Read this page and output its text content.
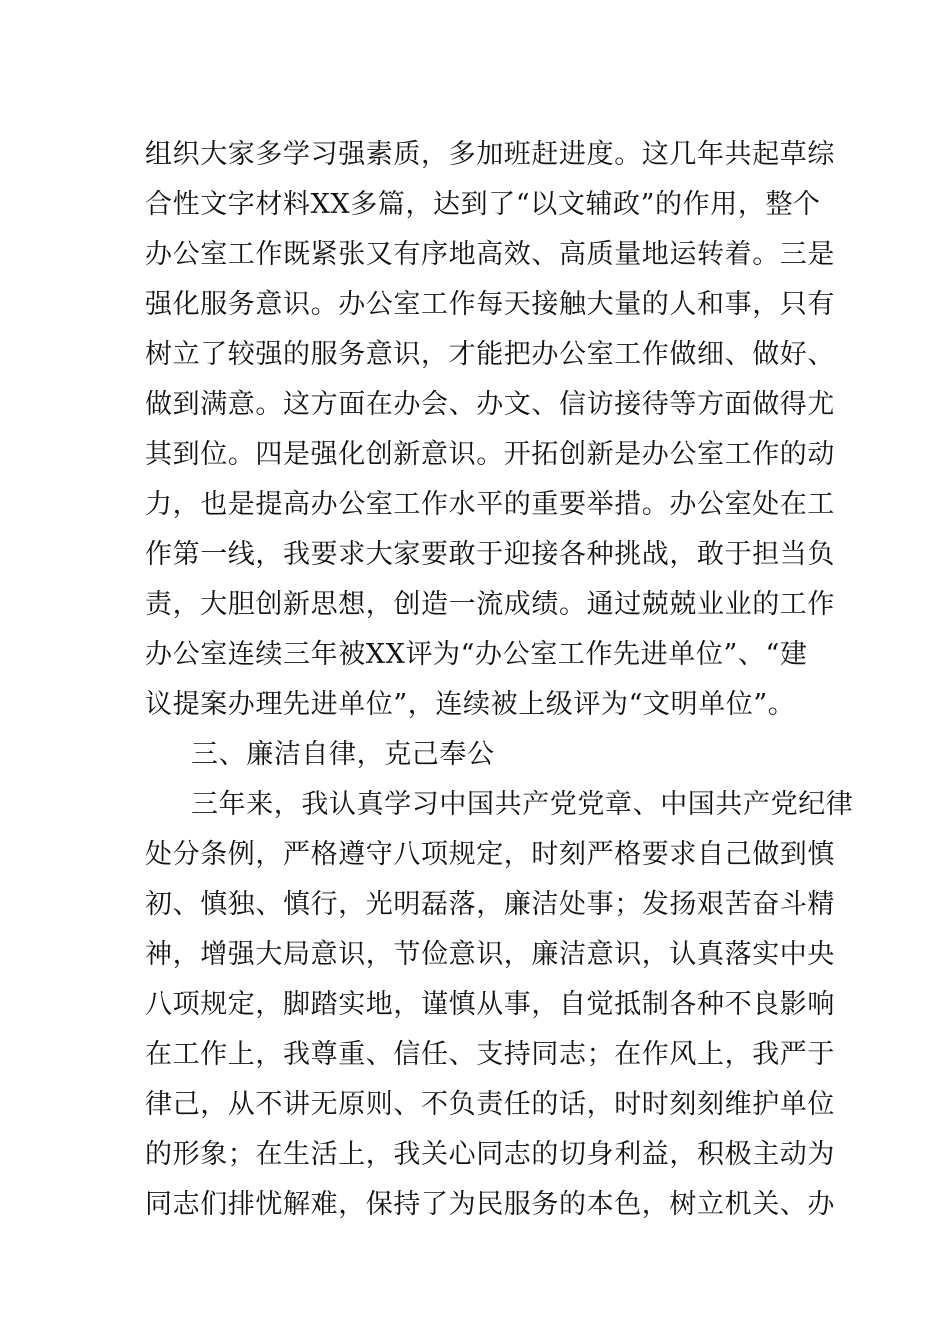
组织大家多学习强素质，多加班赶进度。这几年共起草综
合性文字材料XX多篇，达到了“以文辅政”的作用，整个
办公室工作既紧张又有序地高效、高质量地运转着。三是
强化服务意识。办公室工作每天接触大量的人和事，只有
树立了较强的服务意识，才能把办公室工作做细、做好、
做到满意。这方面在办会、办文、信访接待等方面做得尤
其到位。四是强化创新意识。开拓创新是办公室工作的动
力，也是提高办公室工作水平的重要举措。办公室处在工
作第一线，我要求大家要敢于迎接各种挑战，敢于担当负
责，大胆创新思想，创造一流成绩。通过兢兢业业的工作
办公室连续三年被XX评为“办公室工作先进单位”、“建
议提案办理先进单位”，连续被上级评为“文明单位”。
三、廉洁自律，克己奉公
三年来，我认真学习中国共产党党章、中国共产党纪律
处分条例，严格遵守八项规定，时刻严格要求自己做到慎
初、慎独、慎行，光明磊落，廉洁处事；发扬艰苦奋斗精
神，增强大局意识，节俭意识，廉洁意识，认真落实中央
八项规定，脚踏实地，谨慎从事，自觉抵制各种不良影响
在工作上，我尊重、信任、支持同志；在作风上，我严于
律己，从不讲无原则、不负责任的话，时时刻刻维护单位
的形象；在生活上，我关心同志的切身利益，积极主动为
同志们排忧解难，保持了为民服务的本色，树立机关、办
